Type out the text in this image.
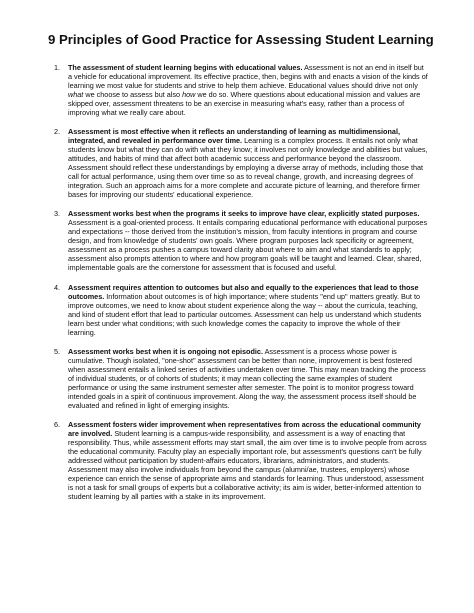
9 Principles of Good Practice for Assessing Student Learning
1. The assessment of student learning begins with educational values. Assessment is not an end in itself but a vehicle for educational improvement. Its effective practice, then, begins with and enacts a vision of the kinds of learning we most value for students and strive to help them achieve. Educational values should drive not only what we choose to assess but also how we do so. Where questions about educational mission and values are skipped over, assessment threatens to be an exercise in measuring what's easy, rather than a process of improving what we really care about.
2. Assessment is most effective when it reflects an understanding of learning as multidimensional, integrated, and revealed in performance over time. Learning is a complex process. It entails not only what students know but what they can do with what they know; it involves not only knowledge and abilities but values, attitudes, and habits of mind that affect both academic success and performance beyond the classroom. Assessment should reflect these understandings by employing a diverse array of methods, including those that call for actual performance, using them over time so as to reveal change, growth, and increasing degrees of integration. Such an approach aims for a more complete and accurate picture of learning, and therefore firmer bases for improving our students' educational experience.
3. Assessment works best when the programs it seeks to improve have clear, explicitly stated purposes. Assessment is a goal-oriented process. It entails comparing educational performance with educational purposes and expectations -- those derived from the institution's mission, from faculty intentions in program and course design, and from knowledge of students' own goals. Where program purposes lack specificity or agreement, assessment as a process pushes a campus toward clarity about where to aim and what standards to apply; assessment also prompts attention to where and how program goals will be taught and learned. Clear, shared, implementable goals are the cornerstone for assessment that is focused and useful.
4. Assessment requires attention to outcomes but also and equally to the experiences that lead to those outcomes. Information about outcomes is of high importance; where students "end up" matters greatly. But to improve outcomes, we need to know about student experience along the way -- about the curricula, teaching, and kind of student effort that lead to particular outcomes. Assessment can help us understand which students learn best under what conditions; with such knowledge comes the capacity to improve the whole of their learning.
5. Assessment works best when it is ongoing not episodic. Assessment is a process whose power is cumulative. Though isolated, "one-shot" assessment can be better than none, improvement is best fostered when assessment entails a linked series of activities undertaken over time. This may mean tracking the process of individual students, or of cohorts of students; it may mean collecting the same examples of student performance or using the same instrument semester after semester. The point is to monitor progress toward intended goals in a spirit of continuous improvement. Along the way, the assessment process itself should be evaluated and refined in light of emerging insights.
6. Assessment fosters wider improvement when representatives from across the educational community are involved. Student learning is a campus-wide responsibility, and assessment is a way of enacting that responsibility. Thus, while assessment efforts may start small, the aim over time is to involve people from across the educational community. Faculty play an especially important role, but assessment's questions can't be fully addressed without participation by student-affairs educators, librarians, administrators, and students. Assessment may also involve individuals from beyond the campus (alumni/ae, trustees, employers) whose experience can enrich the sense of appropriate aims and standards for learning. Thus understood, assessment is not a task for small groups of experts but a collaborative activity; its aim is wider, better-informed attention to student learning by all parties with a stake in its improvement.
